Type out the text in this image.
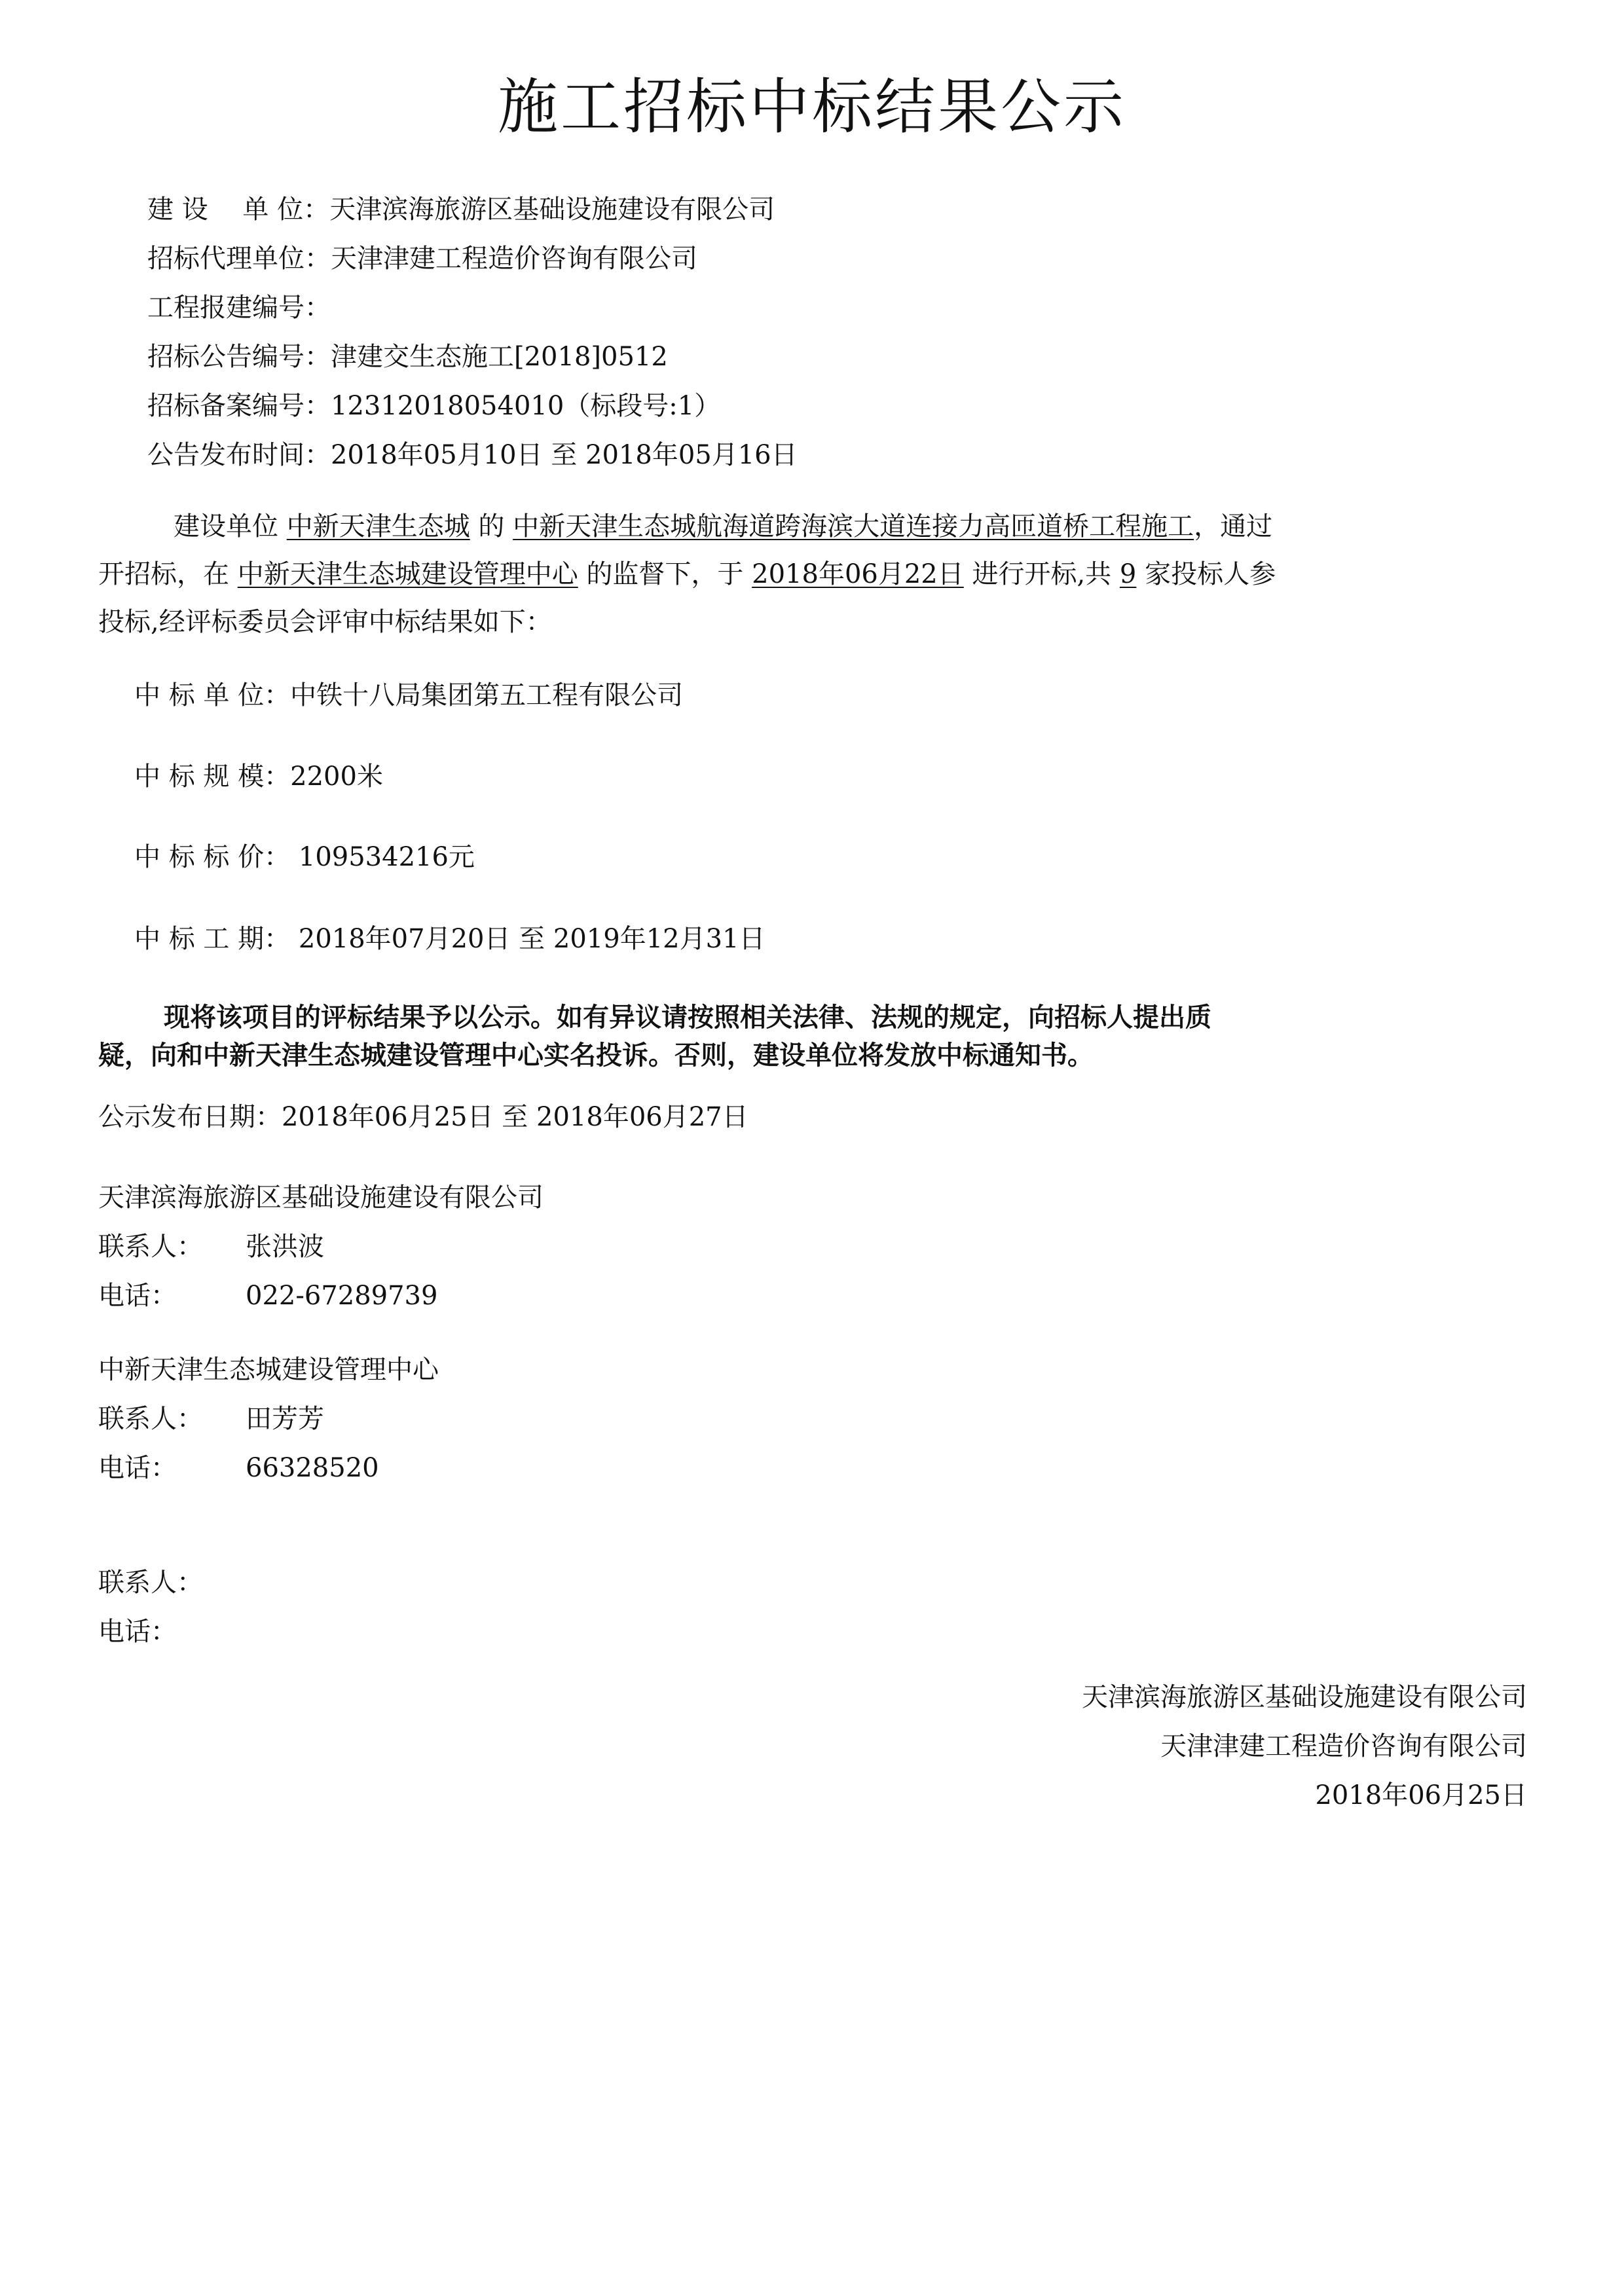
施工招标中标结果公示
建 设 　单 位：天津滨海旅游区基础设施建设有限公司
招标代理单位：天津津建工程造价咨询有限公司
工程报建编号：
招标公告编号：津建交生态施工[2018]0512
招标备案编号：12312018054010（标段号:1）
公告发布时间：2018年05月10日 至 2018年05月16日
建设单位 中新天津生态城 的 中新天津生态城航海道跨海滨大道连接力高匝道桥工程施工，通过
开招标，在 中新天津生态城建设管理中心 的监督下，于 2018年06月22日 进行开标,共 9 家投标人参
投标,经评标委员会评审中标结果如下：
中 标 单 位：中铁十八局集团第五工程有限公司
中 标 规 模：2200米
中 标 标 价： 109534216元
中 标 工 期： 2018年07月20日 至 2019年12月31日
现将该项目的评标结果予以公示。如有异议请按照相关法律、法规的规定，向招标人提出质
疑，向和中新天津生态城建设管理中心实名投诉。否则，建设单位将发放中标通知书。
公示发布日期：2018年06月25日 至 2018年06月27日
天津滨海旅游区基础设施建设有限公司
联系人： 张洪波
电话：	022-67289739
中新天津生态城建设管理中心
联系人： 田芳芳
电话：	66328520
联系人：
电话：
天津滨海旅游区基础设施建设有限公司
天津津建工程造价咨询有限公司
2018年06月25日
